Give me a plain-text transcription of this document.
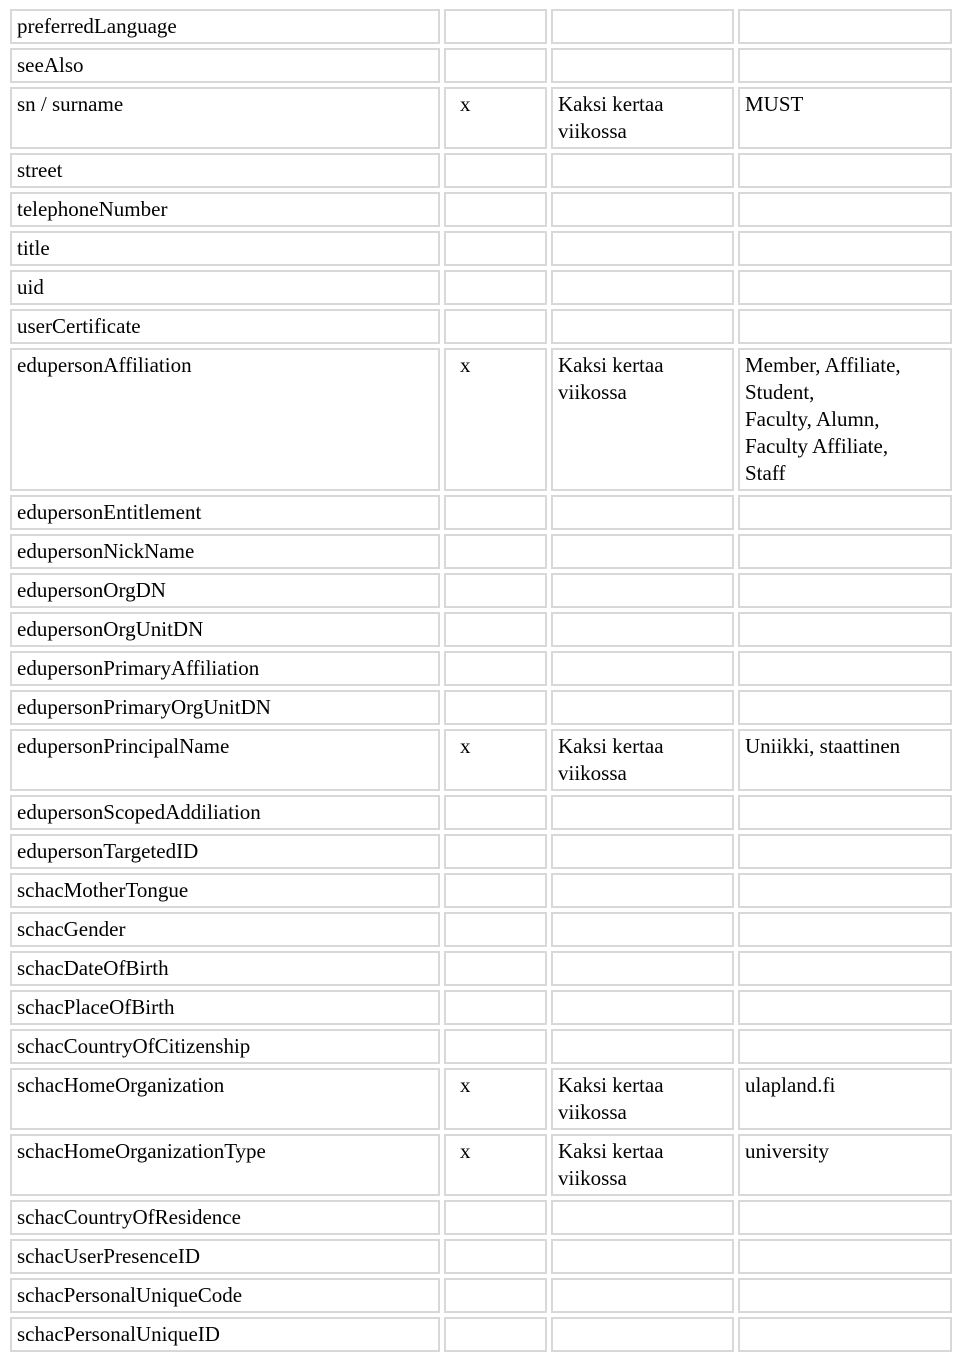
preferredLanguage			
seeAlso			
sn / surname	x	Kaksi kertaa viikossa	MUST
street			
telephoneNumber			
title			
uid			
userCertificate			
edupersonAffiliation	x	Kaksi kertaa viikossa	Member, Affiliate,
Student,
Faculty, Alumn,
Faculty Affiliate,
Staff
edupersonEntitlement			
edupersonNickName			
edupersonOrgDN			
edupersonOrgUnitDN			
edupersonPrimaryAffiliation			
edupersonPrimaryOrgUnitDN			
edupersonPrincipalName	x	Kaksi kertaa viikossa	Uniikki, staattinen
edupersonScopedAddiliation			
edupersonTargetedID			
schacMotherTongue			
schacGender			
schacDateOfBirth			
schacPlaceOfBirth			
schacCountryOfCitizenship			
schacHomeOrganization	x	Kaksi kertaa viikossa	ulapland.fi
schacHomeOrganizationType	x	Kaksi kertaa viikossa	university
schacCountryOfResidence			
schacUserPresenceID			
schacPersonalUniqueCode			
schacPersonalUniqueID			
